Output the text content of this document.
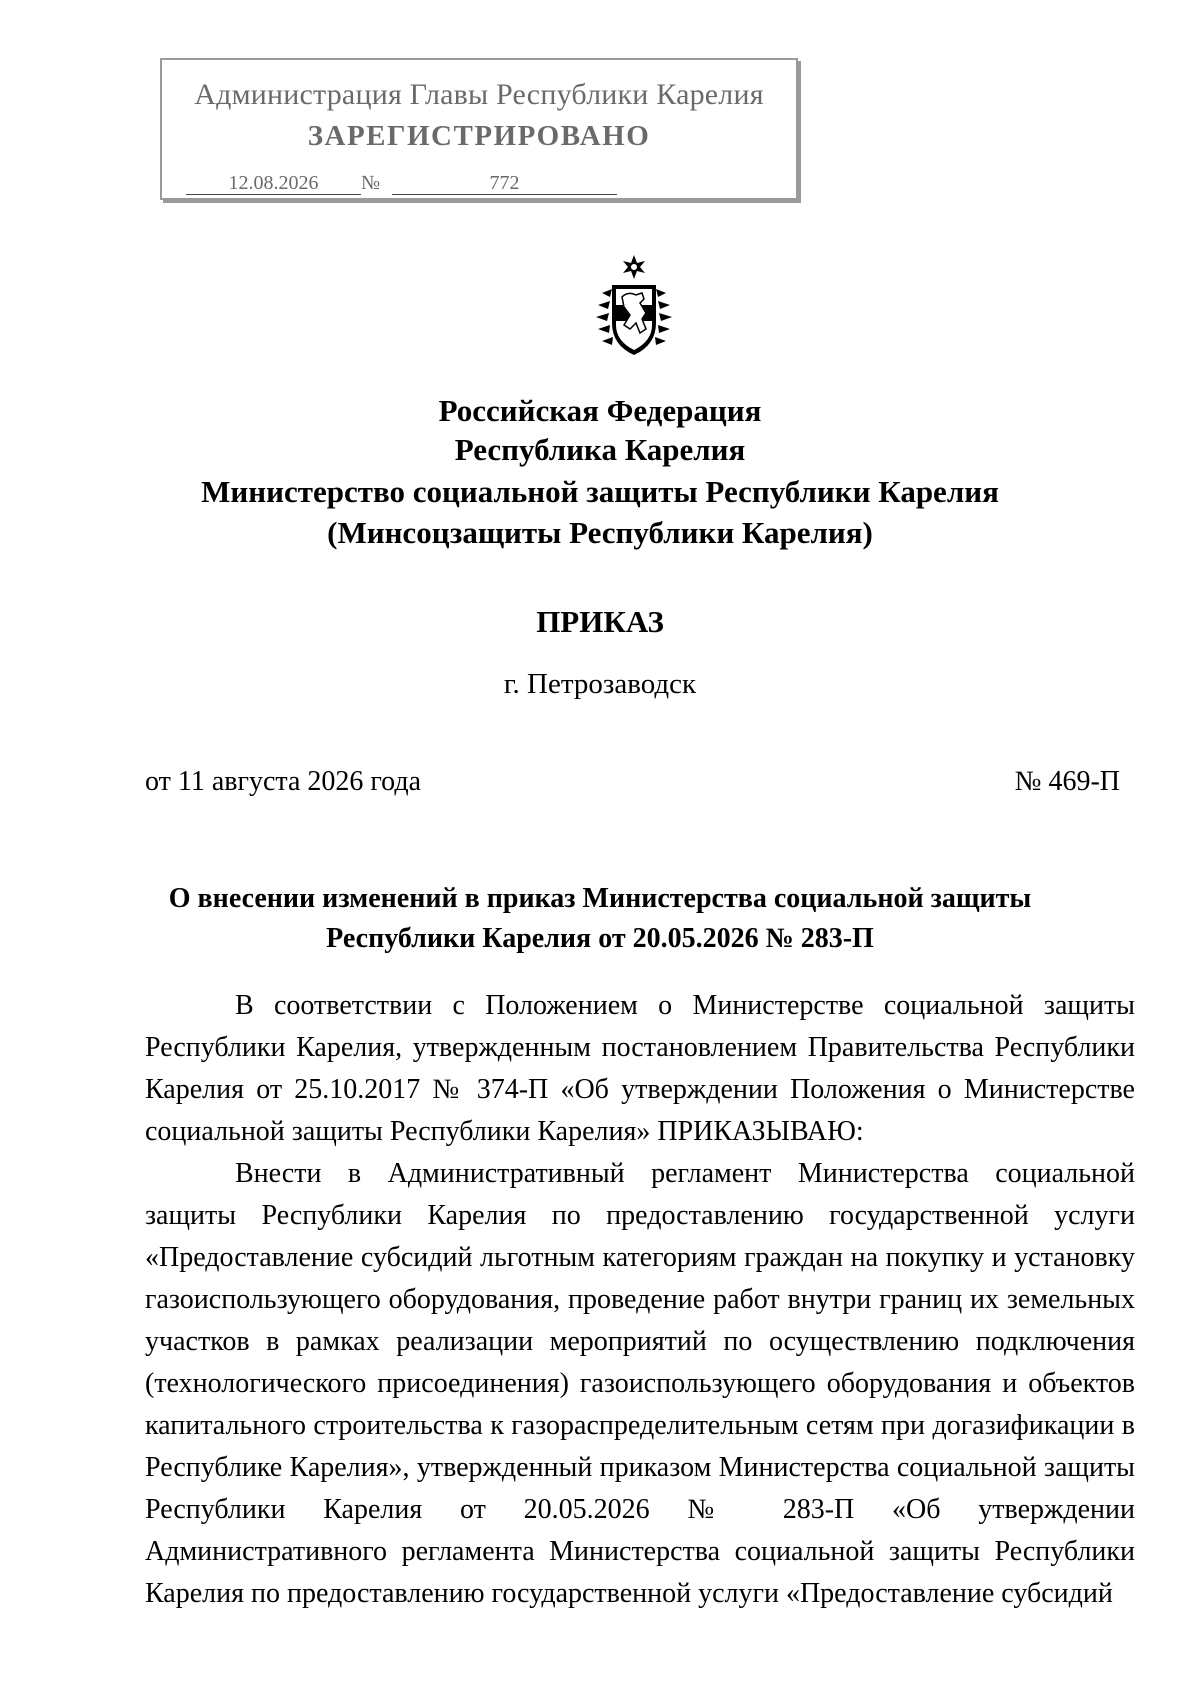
Администрация Главы Республики Карелия
ЗАРЕГИСТРИРОВАНО
12.08.2026	№	772
Российская Федерация
Республика Карелия
Министерство социальной защиты Республики Карелия
(Минсоцзащиты Республики Карелия)
ПРИКАЗ
г. Петрозаводск
от 11 августа 2026 года	№ 469-П
О внесении изменений в приказ Министерства социальной защиты
Республики Карелия от 20.05.2026 № 283-П

В соответствии с Положением о Министерстве социальной защиты Республики Карелия, утвержденным постановлением Правительства Республики Карелия от 25.10.2017 № 374-П «Об утверждении Положения о Министерстве социальной защиты Республики Карелия» ПРИКАЗЫВАЮ:

Внести в Административный регламент Министерства социальной защиты Республики Карелия по предоставлению государственной услуги «Предоставление субсидий льготным категориям граждан на покупку и установку газоиспользующего оборудования, проведение работ внутри границ их земельных участков в рамках реализации мероприятий по осуществлению подключения (технологического присоединения) газоиспользующего оборудования и объектов капитального строительства к газораспределительным сетям при догазификации в Республике Карелия», утвержденный приказом Министерства социальной защиты Республики Карелия от 20.05.2026 № 283-П «Об утверждении Административного регламента Министерства социальной защиты Республики Карелия по предоставлению государственной услуги «Предоставление субсидий
